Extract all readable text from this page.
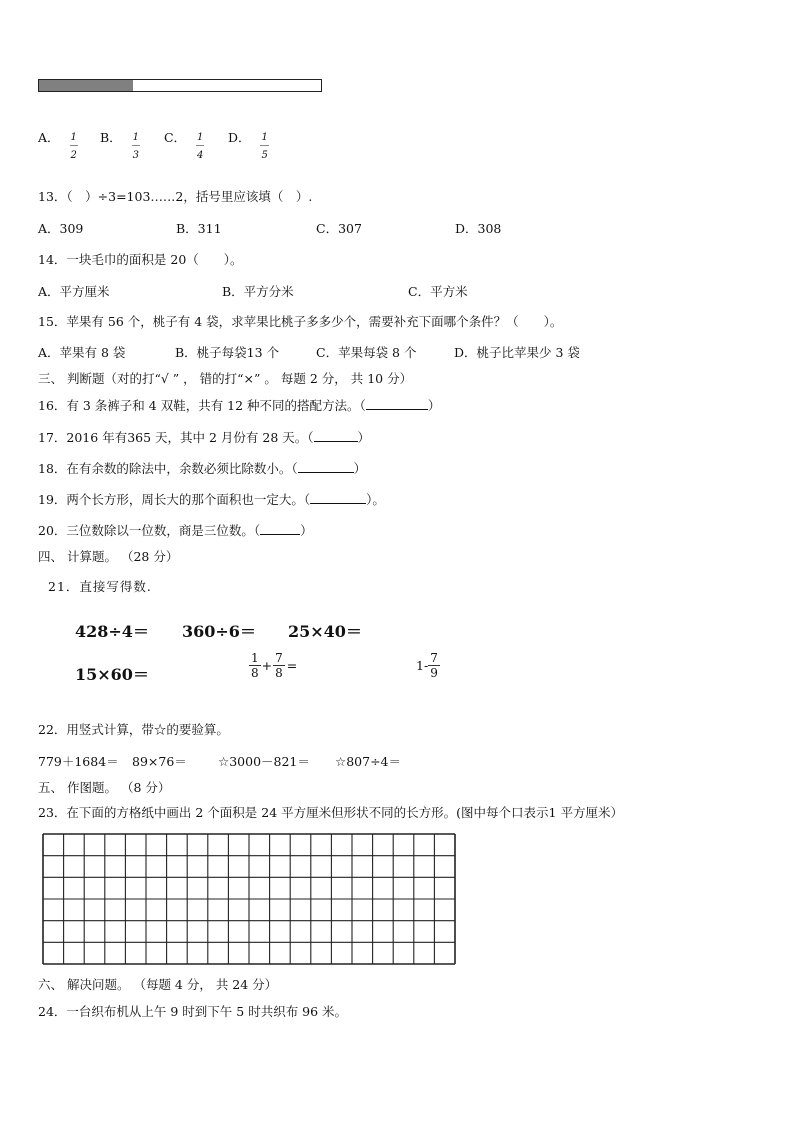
A． $\frac{1}{2}$ B． $\frac{1}{3}$ C． $\frac{1}{4}$ D． $\frac{1}{5}$
13．（　）÷3=103……2，括号里应该填（　）.
A．309	B．311	C．307	D．308
14．一块毛巾的面积是 20（　　）。
A．平方厘米	B．平方分米	C．平方米
15．苹果有 56 个，桃子有 4 袋，求苹果比桃子多多少个，需要补充下面哪个条件？（　　）。
A．苹果有 8 袋	B．桃子每袋13 个	C．苹果每袋 8 个	D．桃子比苹果少 3 袋
三、 判断题（对的打“√ ” ， 错的打“×” 。 每题 2 分， 共 10 分）
16．有 3 条裤子和 4 双鞋，共有 12 种不同的搭配方法。（	）
17．2016 年有365 天，其中 2 月份有 28 天。（	）
18．在有余数的除法中，余数必须比除数小。（	）
19．两个长方形，周长大的那个面积也一定大。（	）。
20．三位数除以一位数，商是三位数。（	）
四、 计算题。 （28 分）
21．直接写得数.
428÷4＝ 360÷6＝ 25×40＝
15×60＝	$\frac{1}{8} + \frac{7}{8}$ =	$1- \frac{7}{9}$
22．用竖式计算，带☆的要验算。
779＋1684＝ 89×76＝ ☆3000－821＝ ☆807÷4＝
五、 作图题。 （8 分）
23．在下面的方格纸中画出 2 个面积是 24 平方厘米但形状不同的长方形。(图中每个口表示1 平方厘米）
六、 解决问题。 （每题 4 分， 共 24 分）
24．一台织布机从上午 9 时到下午 5 时共织布 96 米。
